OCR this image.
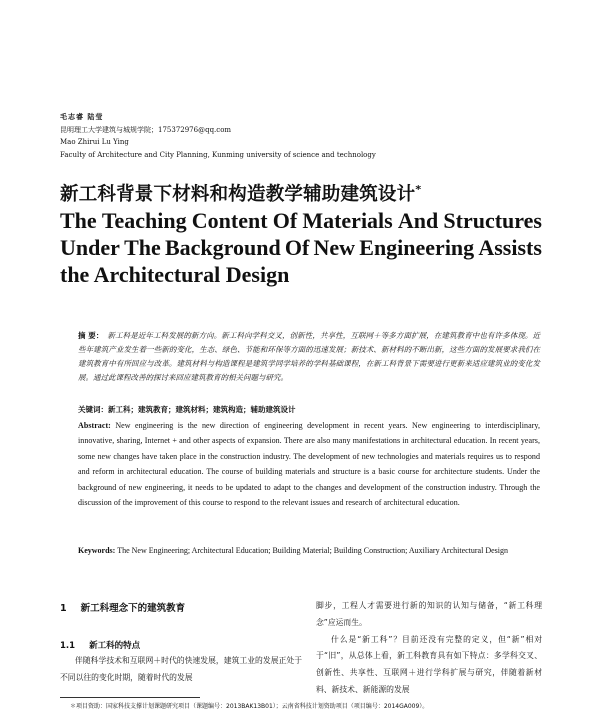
毛志睿 陆莹
昆明理工大学建筑与城规学院；175372976@qq.com
Mao Zhirui Lu Ying
Faculty of Architecture and City Planning, Kunming university of science and technology
新工科背景下材料和构造教学辅助建筑设计*
The Teaching Content Of Materials And Structures
Under The Background Of New Engineering Assists
the Architectural Design
摘 要： 新工科是近年工科发展的新方向。新工科向学科交叉，创新性，共享性，互联网＋等多方面扩展，在建筑教育中也有许多体现。近些年建筑产业发生着一些新的变化，生态、绿色、节能和环保等方面的迅速发展；新技术、新材料的不断出新，这些方面的发展要求我们在建筑教育中有所回应与改革。建筑材料与构造课程是建筑学同学培养的学科基础课程，在新工科背景下需要进行更新来适应建筑业的变化发展。通过此课程改善的探讨来回应建筑教育的相关问题与研究。
关键词：新工科；建筑教育；建筑材料；建筑构造；辅助建筑设计
Abstract: New engineering is the new direction of engineering development in recent years. New engineering to interdisciplinary, innovative, sharing, Internet + and other aspects of expansion. There are also many manifestations in architectural education. In recent years, some new changes have taken place in the construction industry. The development of new technologies and materials requires us to respond and reform in architectural education. The course of building materials and structure is a basic course for architecture students. Under the background of new engineering, it needs to be updated to adapt to the changes and development of the construction industry. Through the discussion of the improvement of this course to respond to the relevant issues and research of architectural education.
Keywords: The New Engineering; Architectural Education; Building Material; Building Construction; Auxiliary Architectural Design
1 新工科理念下的建筑教育
1.1 新工科的特点
伴随科学技术和互联网＋时代的快速发展，建筑工业的发展正处于不同以往的变化时期，随着时代的发展

脚步，工程人才需要进行新的知识的认知与储备，“新工科理念”应运而生。

什么是“新工科”？目前还没有完整的定义，但“新”相对于“旧”，从总体上看，新工科教育具有如下特点：多学科交叉、创新性、共享性、互联网＋进行学科扩展与研究，伴随着新材料、新技术、新能源的发展

＊项目资助：国家科技支撑计划课题研究项目（课题编号：2013BAK13B01）；云南省科技计划资助项目（项目编号：2014GA009）。
